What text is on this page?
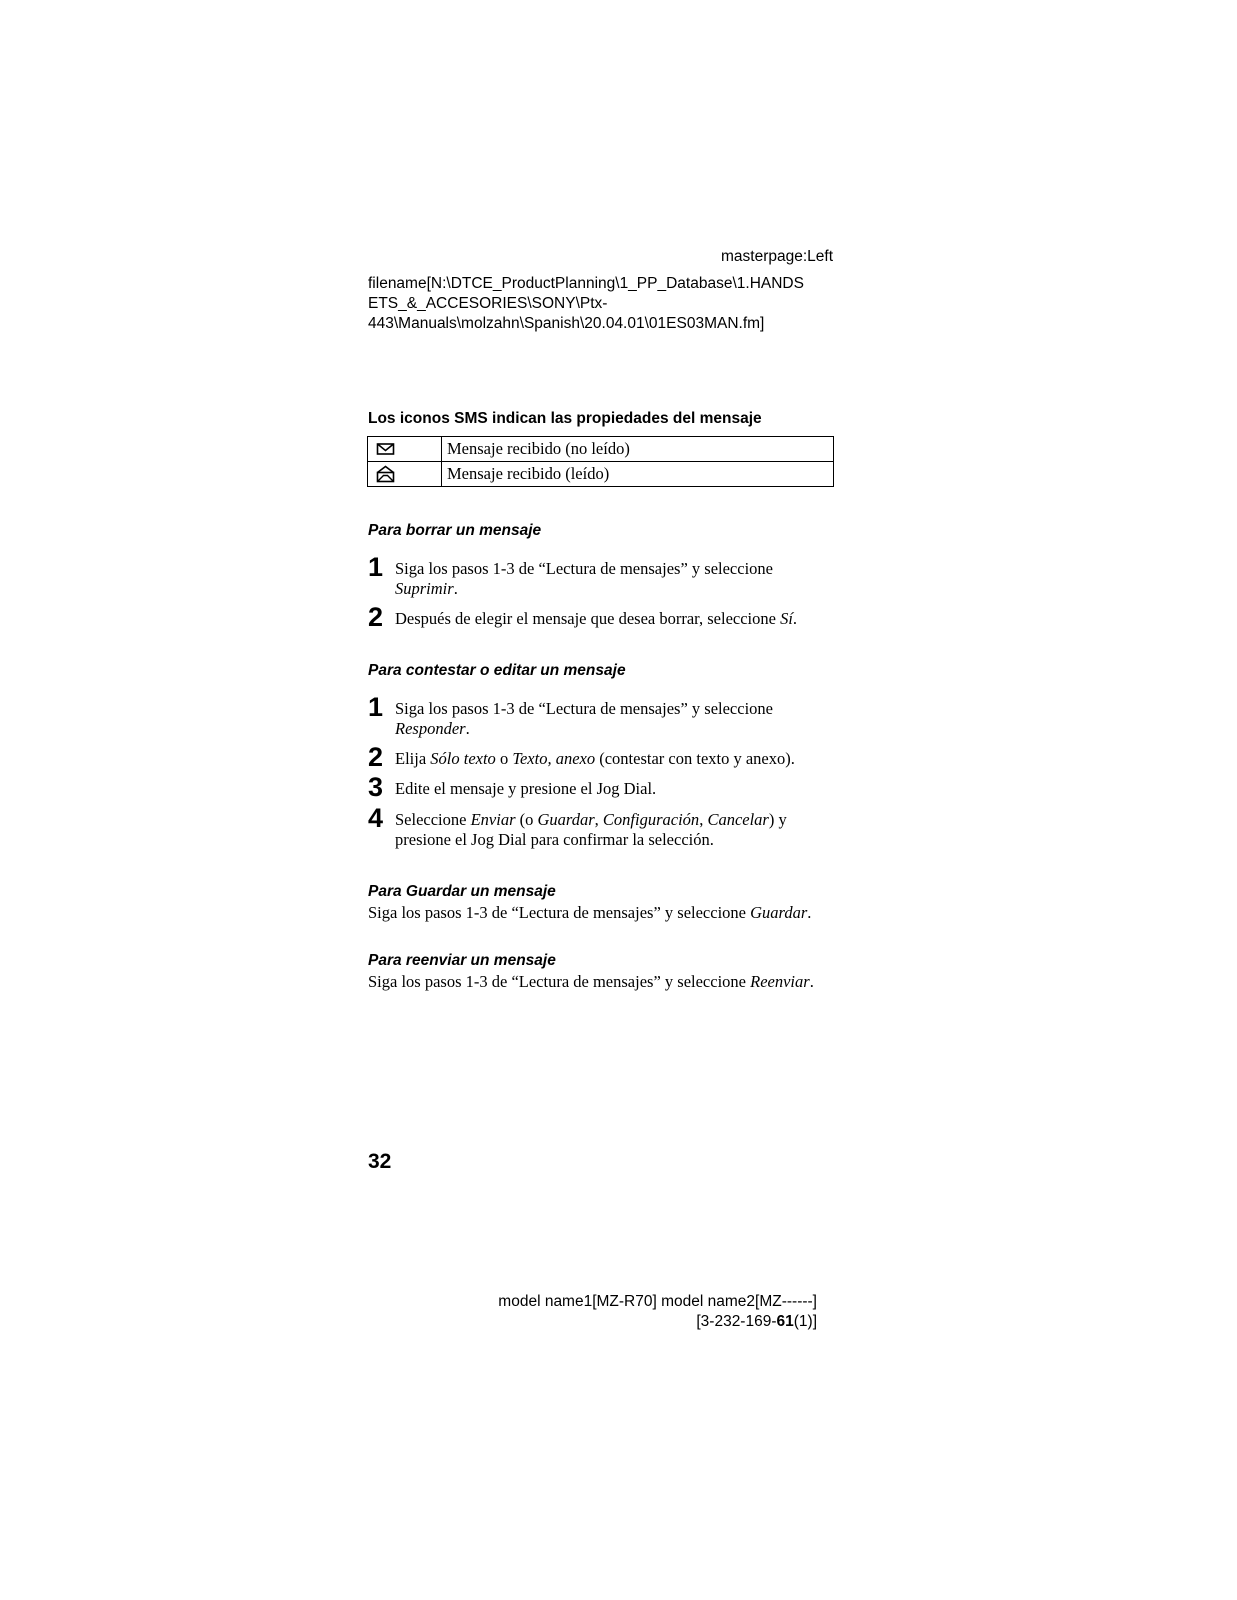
masterpage:Left
filename[N:\DTCE_ProductPlanning\1_PP_Database\1.HANDS
ETS_&_ACCESORIES\SONY\Ptx-
443\Manuals\molzahn\Spanish\20.04.01\01ES03MAN.fm]
Los iconos SMS indican las propiedades del mensaje
	Mensaje recibido (no leído)

	Mensaje recibido (leído)
Para borrar un mensaje
1 Siga los pasos 1-3 de “Lectura de mensajes” y seleccione Suprimir.
2 Después de elegir el mensaje que desea borrar, seleccione Sí.
Para contestar o editar un mensaje
1 Siga los pasos 1-3 de “Lectura de mensajes” y seleccione Responder.
2 Elija Sólo texto o Texto, anexo (contestar con texto y anexo).
3 Edite el mensaje y presione el Jog Dial.
4 Seleccione Enviar (o Guardar, Configuración, Cancelar) y presione el Jog Dial para confirmar la selección.
Para Guardar un mensaje
Siga los pasos 1-3 de “Lectura de mensajes” y seleccione Guardar.
Para reenviar un mensaje
Siga los pasos 1-3 de “Lectura de mensajes” y seleccione Reenviar.
32
model name1[MZ-R70] model name2[MZ------]
[3-232-169-61(1)]
